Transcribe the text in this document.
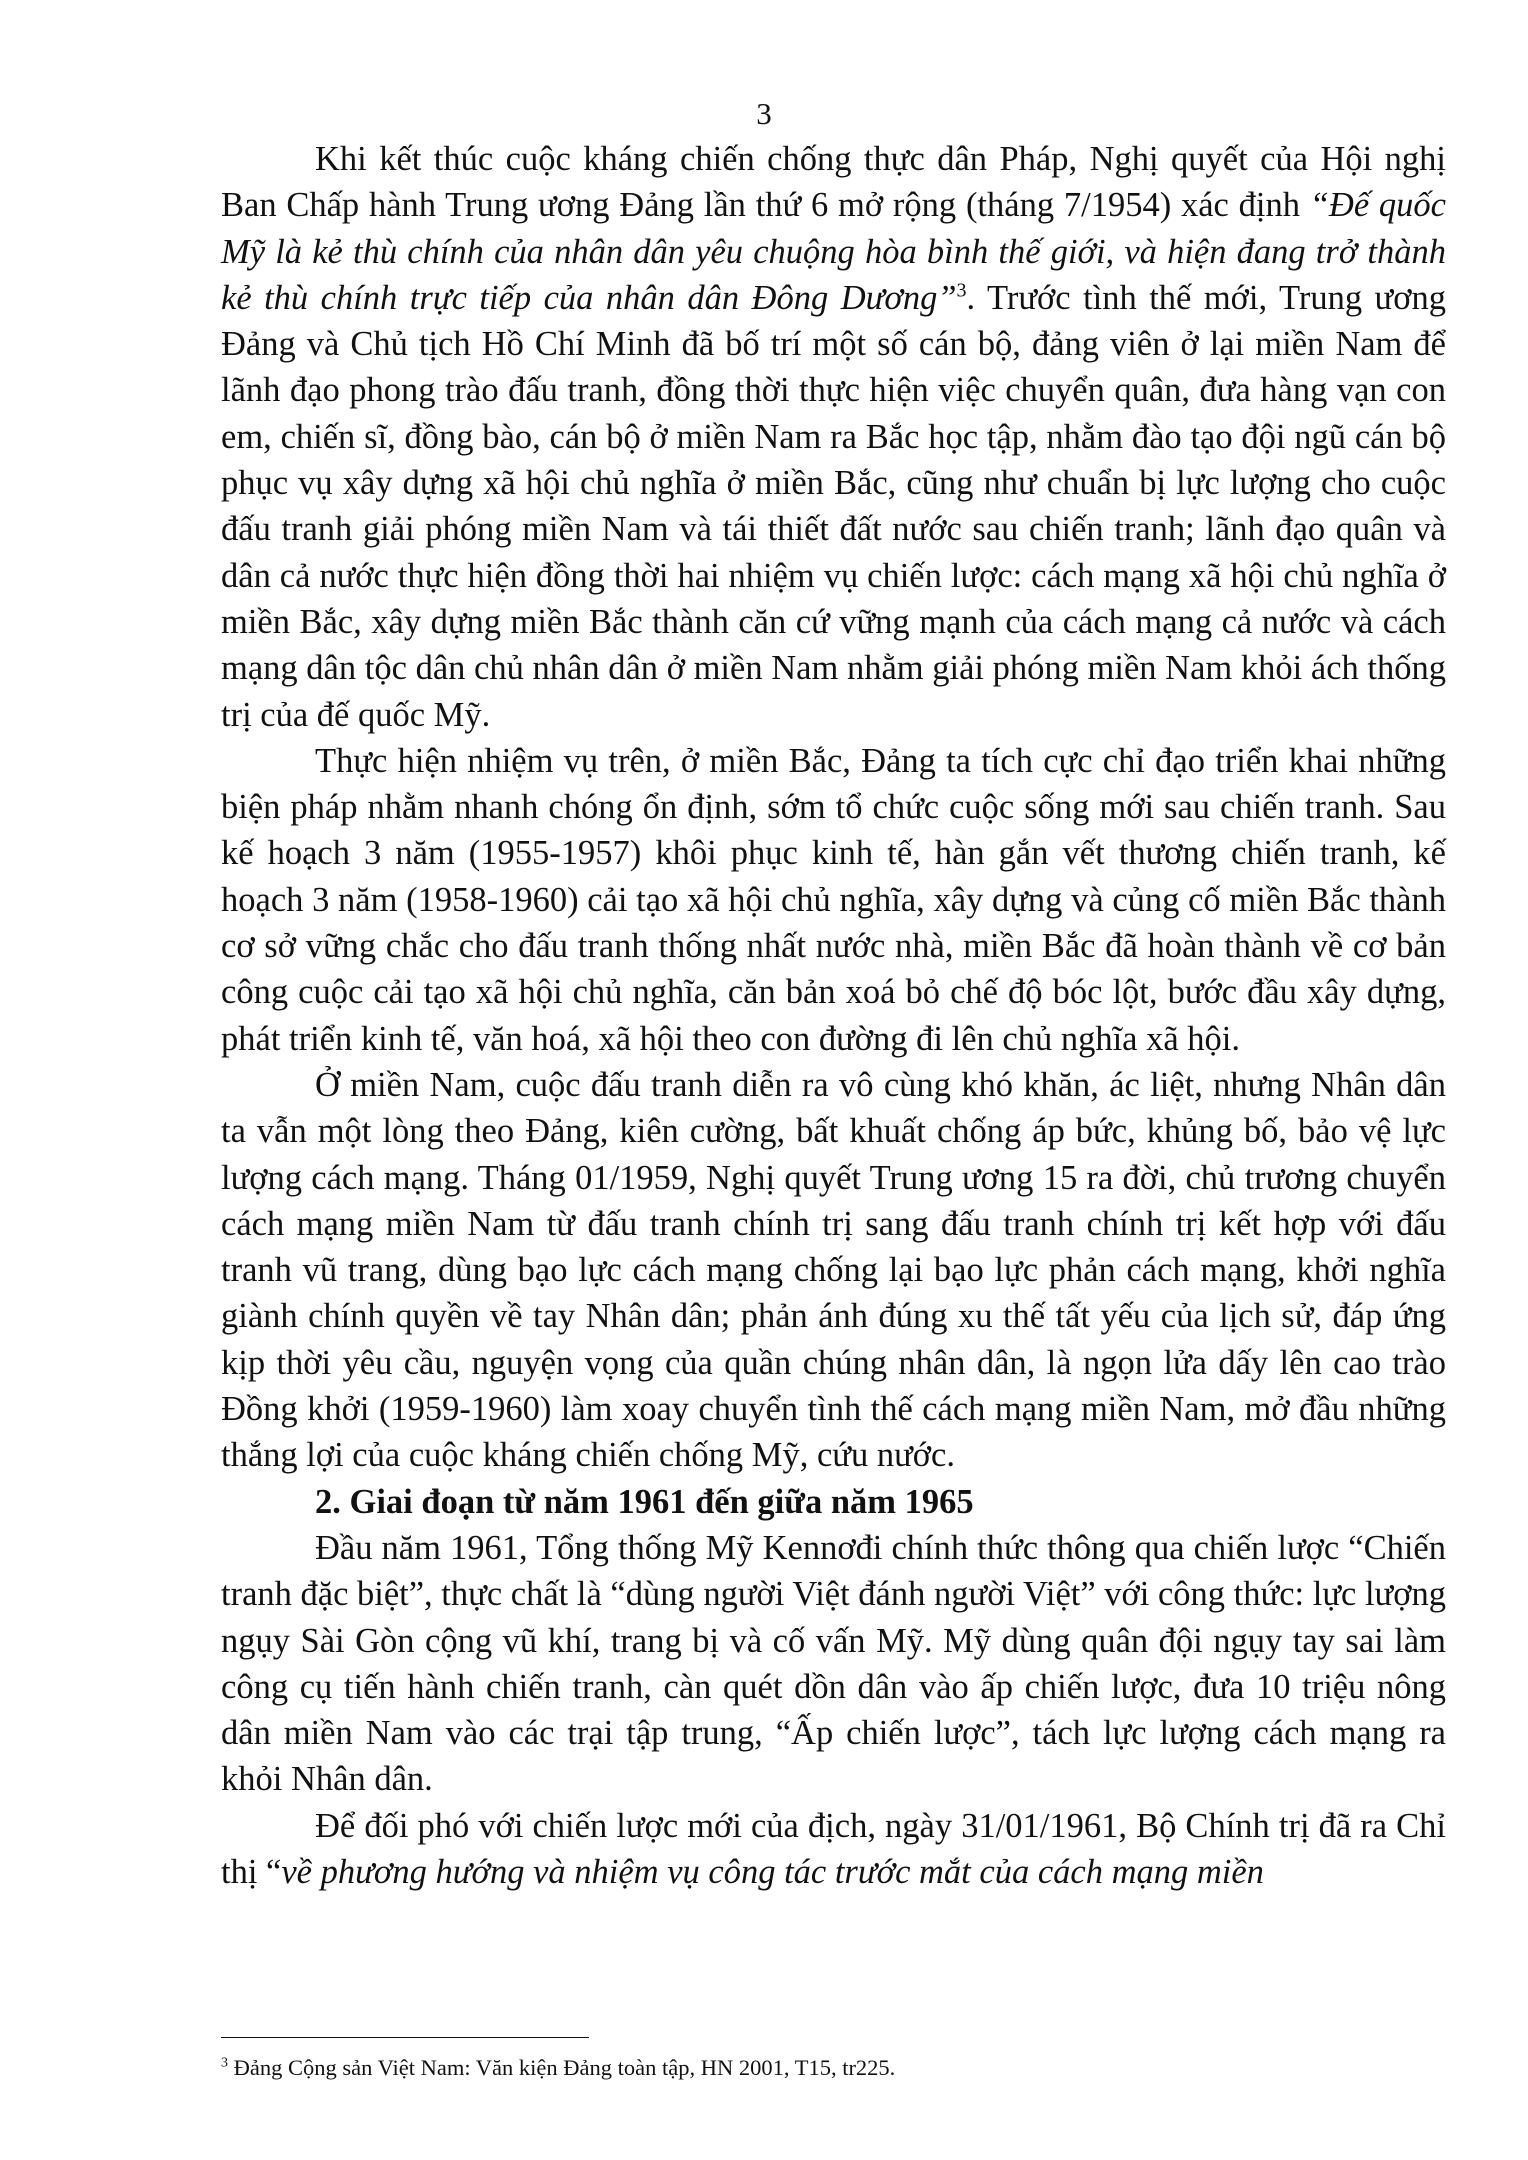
3

Khi kết thúc cuộc kháng chiến chống thực dân Pháp, Nghị quyết của Hội nghị Ban Chấp hành Trung ương Đảng lần thứ 6 mở rộng (tháng 7/1954) xác định “Đế quốc Mỹ là kẻ thù chính của nhân dân yêu chuộng hòa bình thế giới, và hiện đang trở thành kẻ thù chính trực tiếp của nhân dân Đông Dương”$^3$. Trước tình thế mới, Trung ương Đảng và Chủ tịch Hồ Chí Minh đã bố trí một số cán bộ, đảng viên ở lại miền Nam để lãnh đạo phong trào đấu tranh, đồng thời thực hiện việc chuyển quân, đưa hàng vạn con em, chiến sĩ, đồng bào, cán bộ ở miền Nam ra Bắc học tập, nhằm đào tạo đội ngũ cán bộ phục vụ xây dựng xã hội chủ nghĩa ở miền Bắc, cũng như chuẩn bị lực lượng cho cuộc đấu tranh giải phóng miền Nam và tái thiết đất nước sau chiến tranh; lãnh đạo quân và dân cả nước thực hiện đồng thời hai nhiệm vụ chiến lược: cách mạng xã hội chủ nghĩa ở miền Bắc, xây dựng miền Bắc thành căn cứ vững mạnh của cách mạng cả nước và cách mạng dân tộc dân chủ nhân dân ở miền Nam nhằm giải phóng miền Nam khỏi ách thống trị của đế quốc Mỹ.

Thực hiện nhiệm vụ trên, ở miền Bắc, Đảng ta tích cực chỉ đạo triển khai những biện pháp nhằm nhanh chóng ổn định, sớm tổ chức cuộc sống mới sau chiến tranh. Sau kế hoạch 3 năm (1955-1957) khôi phục kinh tế, hàn gắn vết thương chiến tranh, kế hoạch 3 năm (1958-1960) cải tạo xã hội chủ nghĩa, xây dựng và củng cố miền Bắc thành cơ sở vững chắc cho đấu tranh thống nhất nước nhà, miền Bắc đã hoàn thành về cơ bản công cuộc cải tạo xã hội chủ nghĩa, căn bản xoá bỏ chế độ bóc lột, bước đầu xây dựng, phát triển kinh tế, văn hoá, xã hội theo con đường đi lên chủ nghĩa xã hội.

Ở miền Nam, cuộc đấu tranh diễn ra vô cùng khó khăn, ác liệt, nhưng Nhân dân ta vẫn một lòng theo Đảng, kiên cường, bất khuất chống áp bức, khủng bố, bảo vệ lực lượng cách mạng. Tháng 01/1959, Nghị quyết Trung ương 15 ra đời, chủ trương chuyển cách mạng miền Nam từ đấu tranh chính trị sang đấu tranh chính trị kết hợp với đấu tranh vũ trang, dùng bạo lực cách mạng chống lại bạo lực phản cách mạng, khởi nghĩa giành chính quyền về tay Nhân dân; phản ánh đúng xu thế tất yếu của lịch sử, đáp ứng kịp thời yêu cầu, nguyện vọng của quần chúng nhân dân, là ngọn lửa dấy lên cao trào Đồng khởi (1959-1960) làm xoay chuyển tình thế cách mạng miền Nam, mở đầu những thắng lợi của cuộc kháng chiến chống Mỹ, cứu nước.

2. Giai đoạn từ năm 1961 đến giữa năm 1965

Đầu năm 1961, Tổng thống Mỹ Kennơđi chính thức thông qua chiến lược “Chiến tranh đặc biệt”, thực chất là “dùng người Việt đánh người Việt” với công thức: lực lượng ngụy Sài Gòn cộng vũ khí, trang bị và cố vấn Mỹ. Mỹ dùng quân đội ngụy tay sai làm công cụ tiến hành chiến tranh, càn quét dồn dân vào ấp chiến lược, đưa 10 triệu nông dân miền Nam vào các trại tập trung, “Ấp chiến lược”, tách lực lượng cách mạng ra khỏi Nhân dân.

Để đối phó với chiến lược mới của địch, ngày 31/01/1961, Bộ Chính trị đã ra Chỉ thị “về phương hướng và nhiệm vụ công tác trước mắt của cách mạng miền

$^3$ Đảng Cộng sản Việt Nam: Văn kiện Đảng toàn tập, HN 2001, T15, tr225.
